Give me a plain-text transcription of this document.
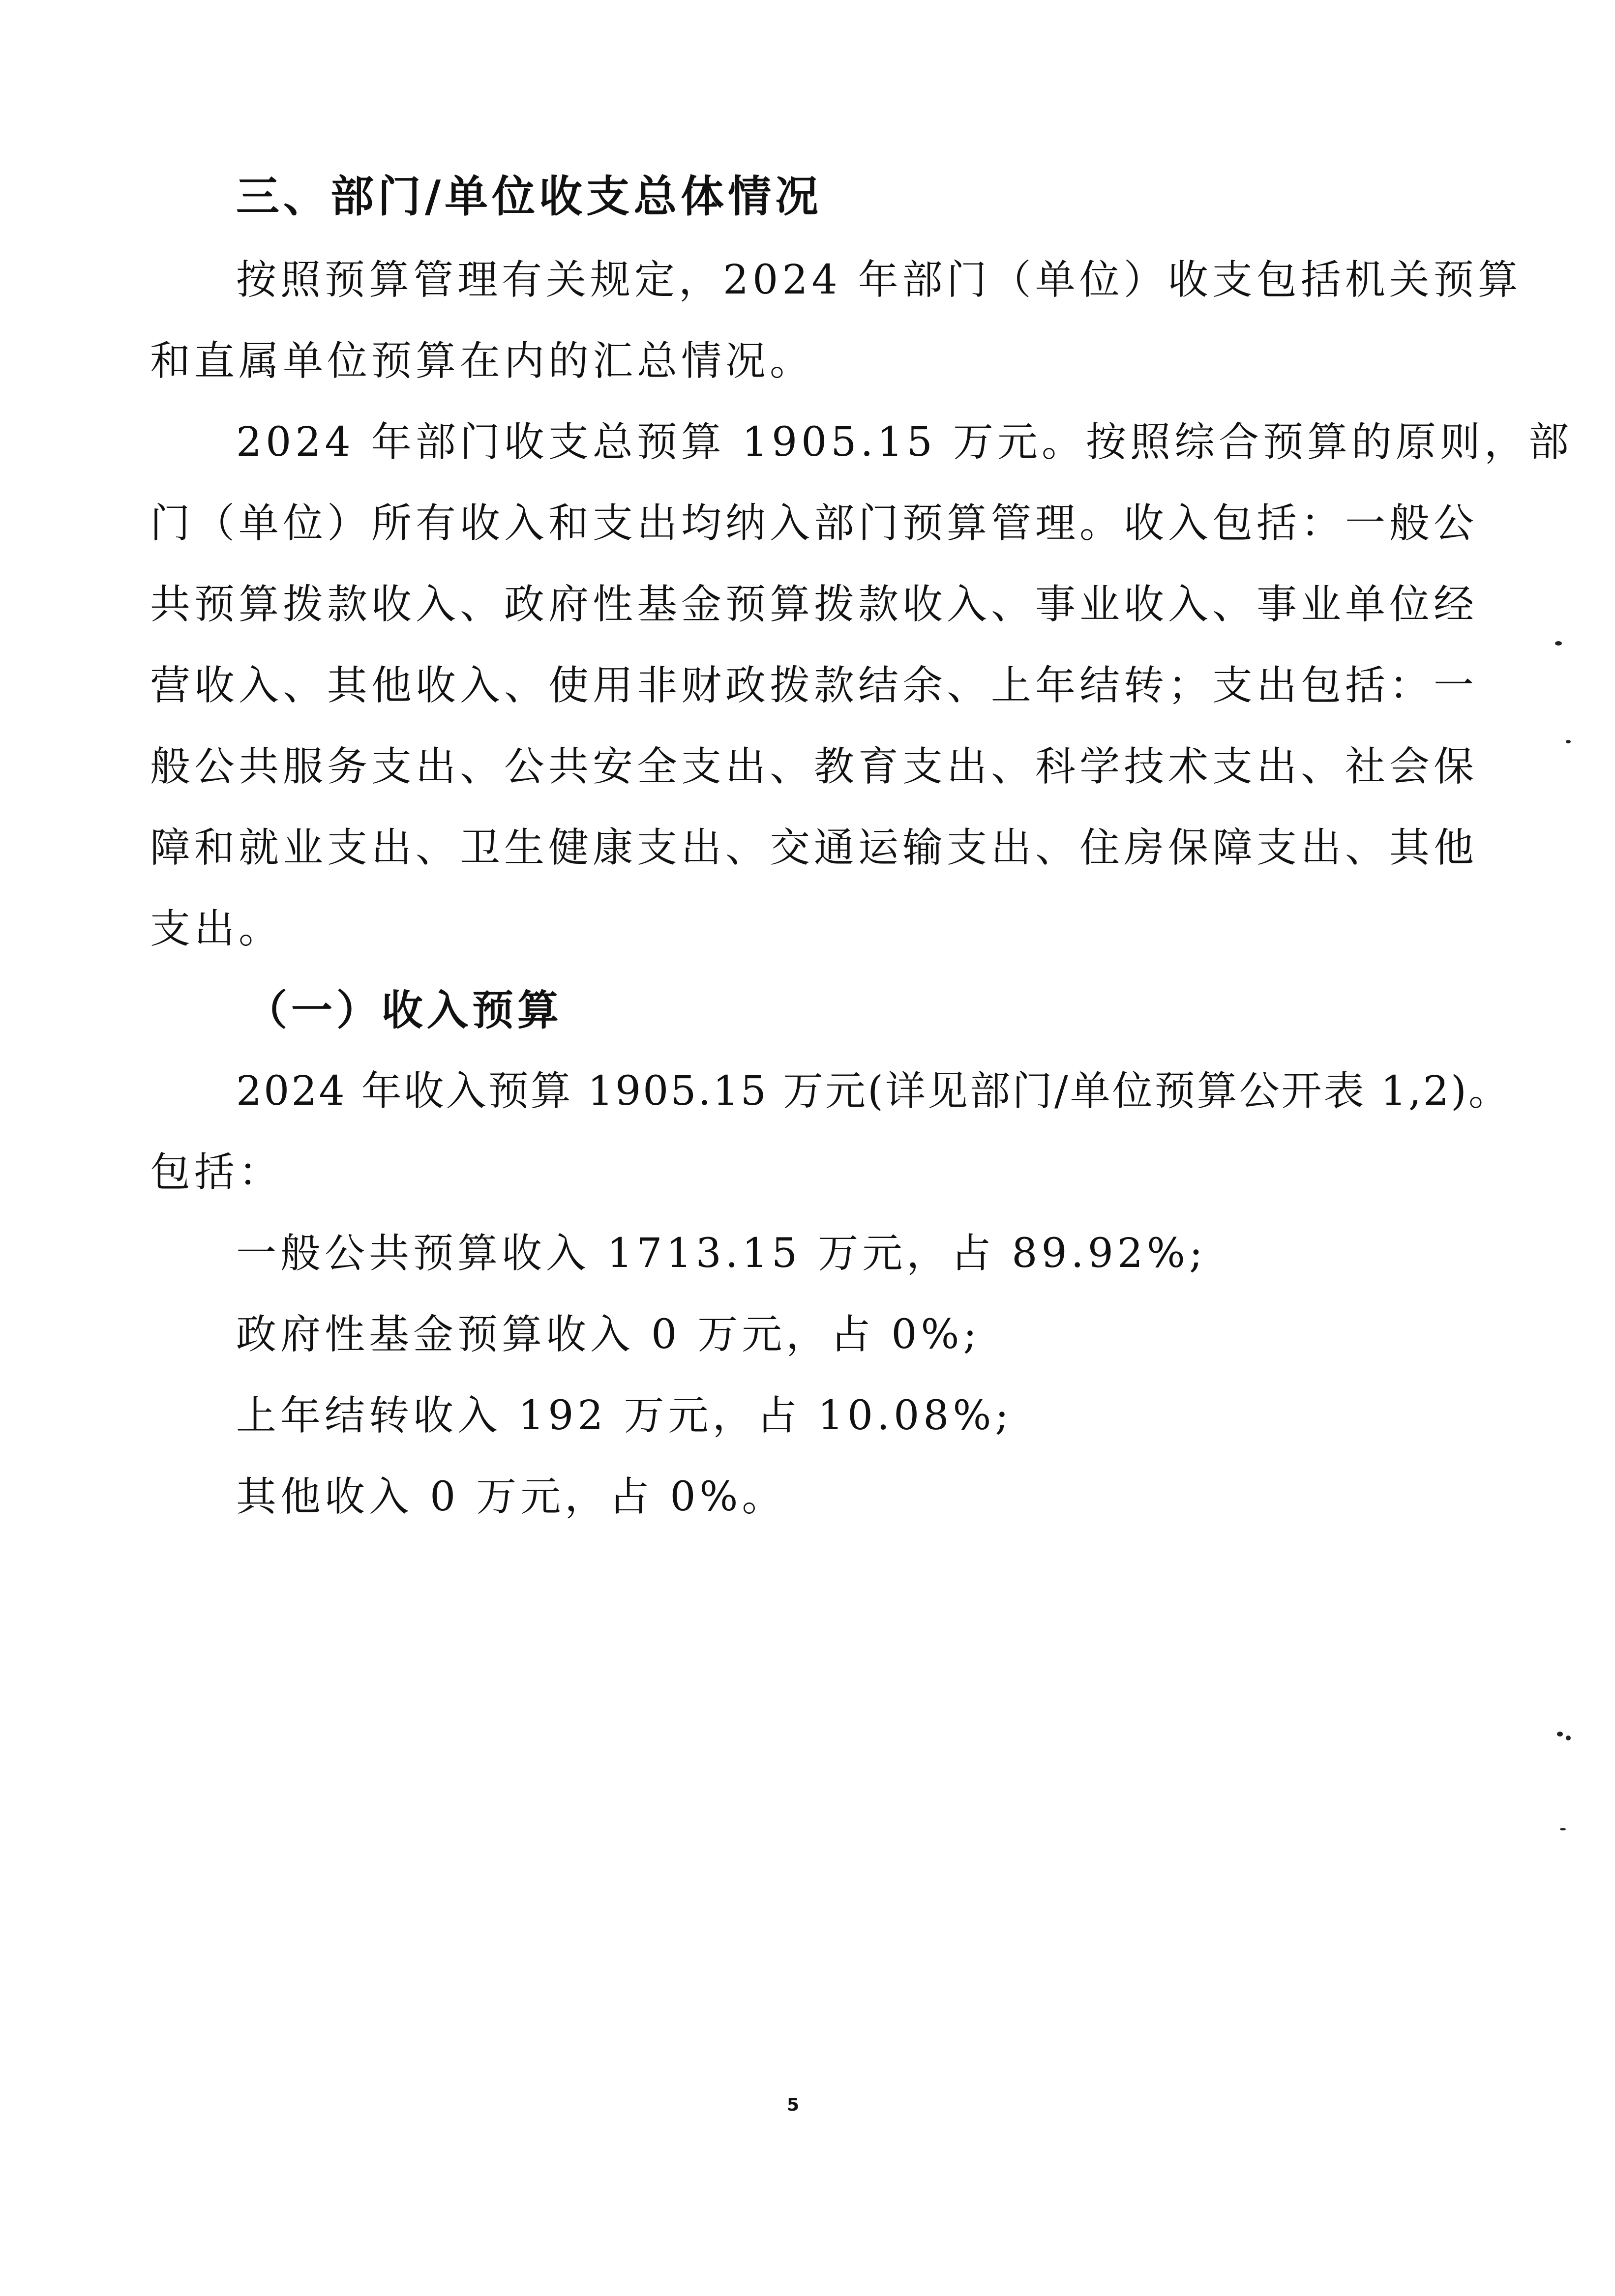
三、部门/单位收支总体情况
按照预算管理有关规定，2024 年部门（单位）收支包括机关预算
和直属单位预算在内的汇总情况。
2024 年部门收支总预算 1905.15 万元。按照综合预算的原则，部
门（单位）所有收入和支出均纳入部门预算管理。收入包括：一般公
共预算拨款收入、政府性基金预算拨款收入、事业收入、事业单位经
营收入、其他收入、使用非财政拨款结余、上年结转；支出包括：一
般公共服务支出、公共安全支出、教育支出、科学技术支出、社会保
障和就业支出、卫生健康支出、交通运输支出、住房保障支出、其他
支出。
（一）收入预算
2024 年收入预算 1905.15 万元(详见部门/单位预算公开表 1,2)。
包括：
一般公共预算收入 1713.15 万元，占 89.92%;
政府性基金预算收入 0 万元，占 0%;
上年结转收入 192 万元，占 10.08%;
其他收入 0 万元，占 0%。
5
